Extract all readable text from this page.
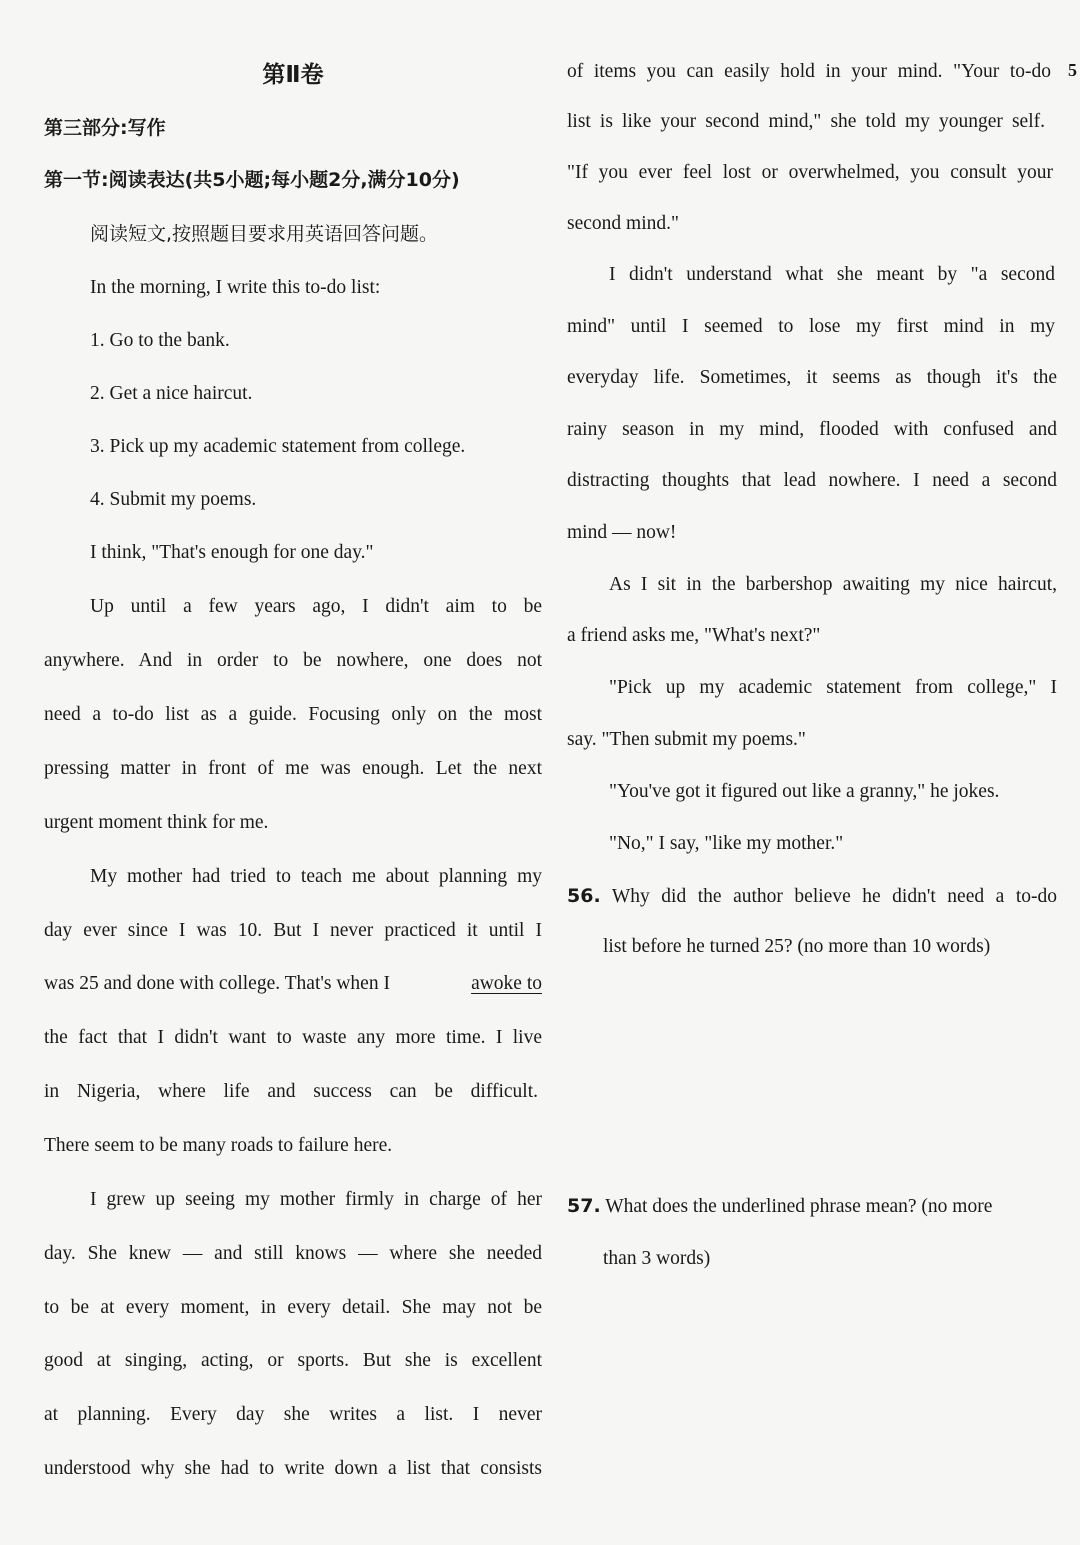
第Ⅱ卷
第三部分:写作
第一节:阅读表达(共5小题;每小题2分,满分10分)
阅读短文,按照题目要求用英语回答问题。
In the morning, I write this to-do list:
1. Go to the bank.
2. Get a nice haircut.
3. Pick up my academic statement from college.
4. Submit my poems.
I think, "That's enough for one day."
Up until a few years ago, I didn't aim to be
anywhere. And in order to be nowhere, one does not
need a to-do list as a guide. Focusing only on the most
pressing matter in front of me was enough. Let the next
urgent moment think for me.
My mother had tried to teach me about planning my
day ever since I was 10. But I never practiced it until I
was 25 and done with college. That's when I	awoke to
the fact that I didn't want to waste any more time. I live
in Nigeria, where life and success can be difficult.
There seem to be many roads to failure here.
I grew up seeing my mother firmly in charge of her
day. She knew — and still knows — where she needed
to be at every moment, in every detail. She may not be
good at singing, acting, or sports. But she is excellent
at planning. Every day she writes a list. I never
understood why she had to write down a list that consists
of items you can easily hold in your mind. "Your to-do
list is like your second mind," she told my younger self.
"If you ever feel lost or overwhelmed, you consult your
second mind."
I didn't understand what she meant by "a second
mind" until I seemed to lose my first mind in my
everyday life. Sometimes, it seems as though it's the
rainy season in my mind, flooded with confused and
distracting thoughts that lead nowhere. I need a second
mind — now!
As I sit in the barbershop awaiting my nice haircut,
a friend asks me, "What's next?"
"Pick up my academic statement from college," I
say. "Then submit my poems."
"You've got it figured out like a granny," he jokes.
"No," I say, "like my mother."
56. Why did the author believe he didn't need a to-do
list before he turned 25? (no more than 10 words)
57. What does the underlined phrase mean? (no more
than 3 words)
5
